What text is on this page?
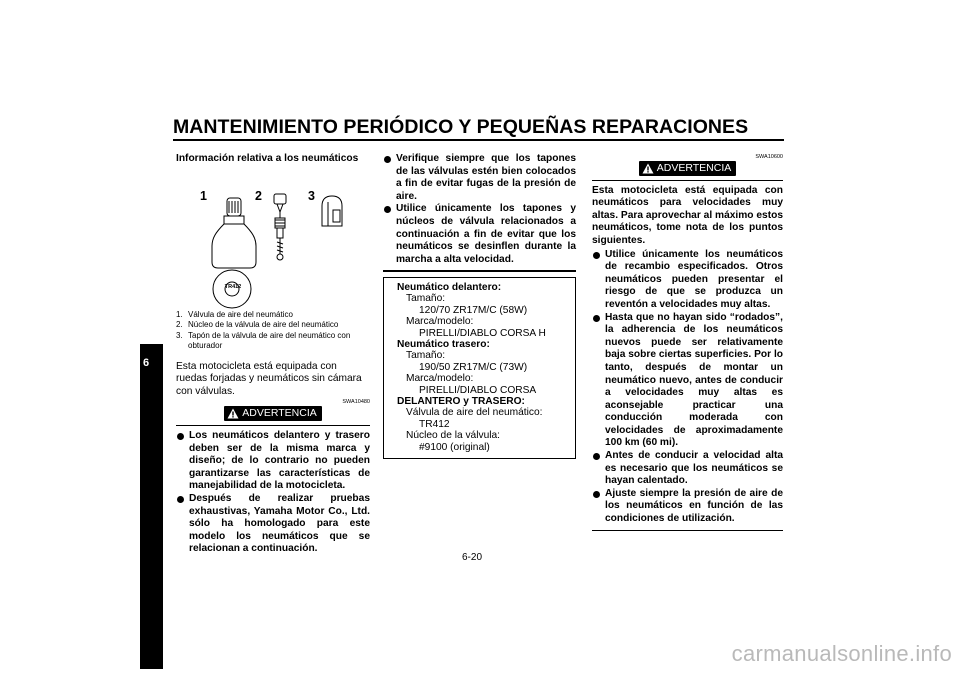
MANTENIMIENTO PERIÓDICO Y PEQUEÑAS REPARACIONES
6
Información relativa a los neumáticos
1	2	3
TR412
1. Válvula de aire del neumático
2. Núcleo de la válvula de aire del neumático
3. Tapón de la válvula de aire del neumático con obturador

Esta motocicleta está equipada con ruedas forjadas y neumáticos sin cámara con válvulas.

SWA10480
ADVERTENCIA
Los neumáticos delantero y trasero deben ser de la misma marca y diseño; de lo contrario no pueden garantizarse las características de manejabilidad de la motocicleta.
Después de realizar pruebas exhaustivas, Yamaha Motor Co., Ltd. sólo ha homologado para este modelo los neumáticos que se relacionan a continuación.
Verifique siempre que los tapones de las válvulas estén bien colocados a fin de evitar fugas de la presión de aire.
Utilice únicamente los tapones y núcleos de válvula relacionados a continuación a fin de evitar que los neumáticos se desinflen durante la marcha a alta velocidad.
Neumático delantero:
Tamaño:
120/70 ZR17M/C (58W)
Marca/modelo:
PIRELLI/DIABLO CORSA H
Neumático trasero:
Tamaño:
190/50 ZR17M/C (73W)
Marca/modelo:
PIRELLI/DIABLO CORSA
DELANTERO y TRASERO:
Válvula de aire del neumático:
TR412
Núcleo de la válvula:
#9100 (original)
SWA10600
ADVERTENCIA

Esta motocicleta está equipada con neumáticos para velocidades muy altas. Para aprovechar al máximo estos neumáticos, tome nota de los puntos siguientes.

Utilice únicamente los neumáticos de recambio especificados. Otros neumáticos pueden presentar el riesgo de que se produzca un reventón a velocidades muy altas.
Hasta que no hayan sido “rodados”, la adherencia de los neumáticos nuevos puede ser relativamente baja sobre ciertas superficies. Por lo tanto, después de montar un neumático nuevo, antes de conducir a velocidades muy altas es aconsejable practicar una conducción moderada con velocidades de aproximadamente 100 km (60 mi).
Antes de conducir a velocidad alta es necesario que los neumáticos se hayan calentado.
Ajuste siempre la presión de aire de los neumáticos en función de las condiciones de utilización.
6-20
carmanualsonline.info
